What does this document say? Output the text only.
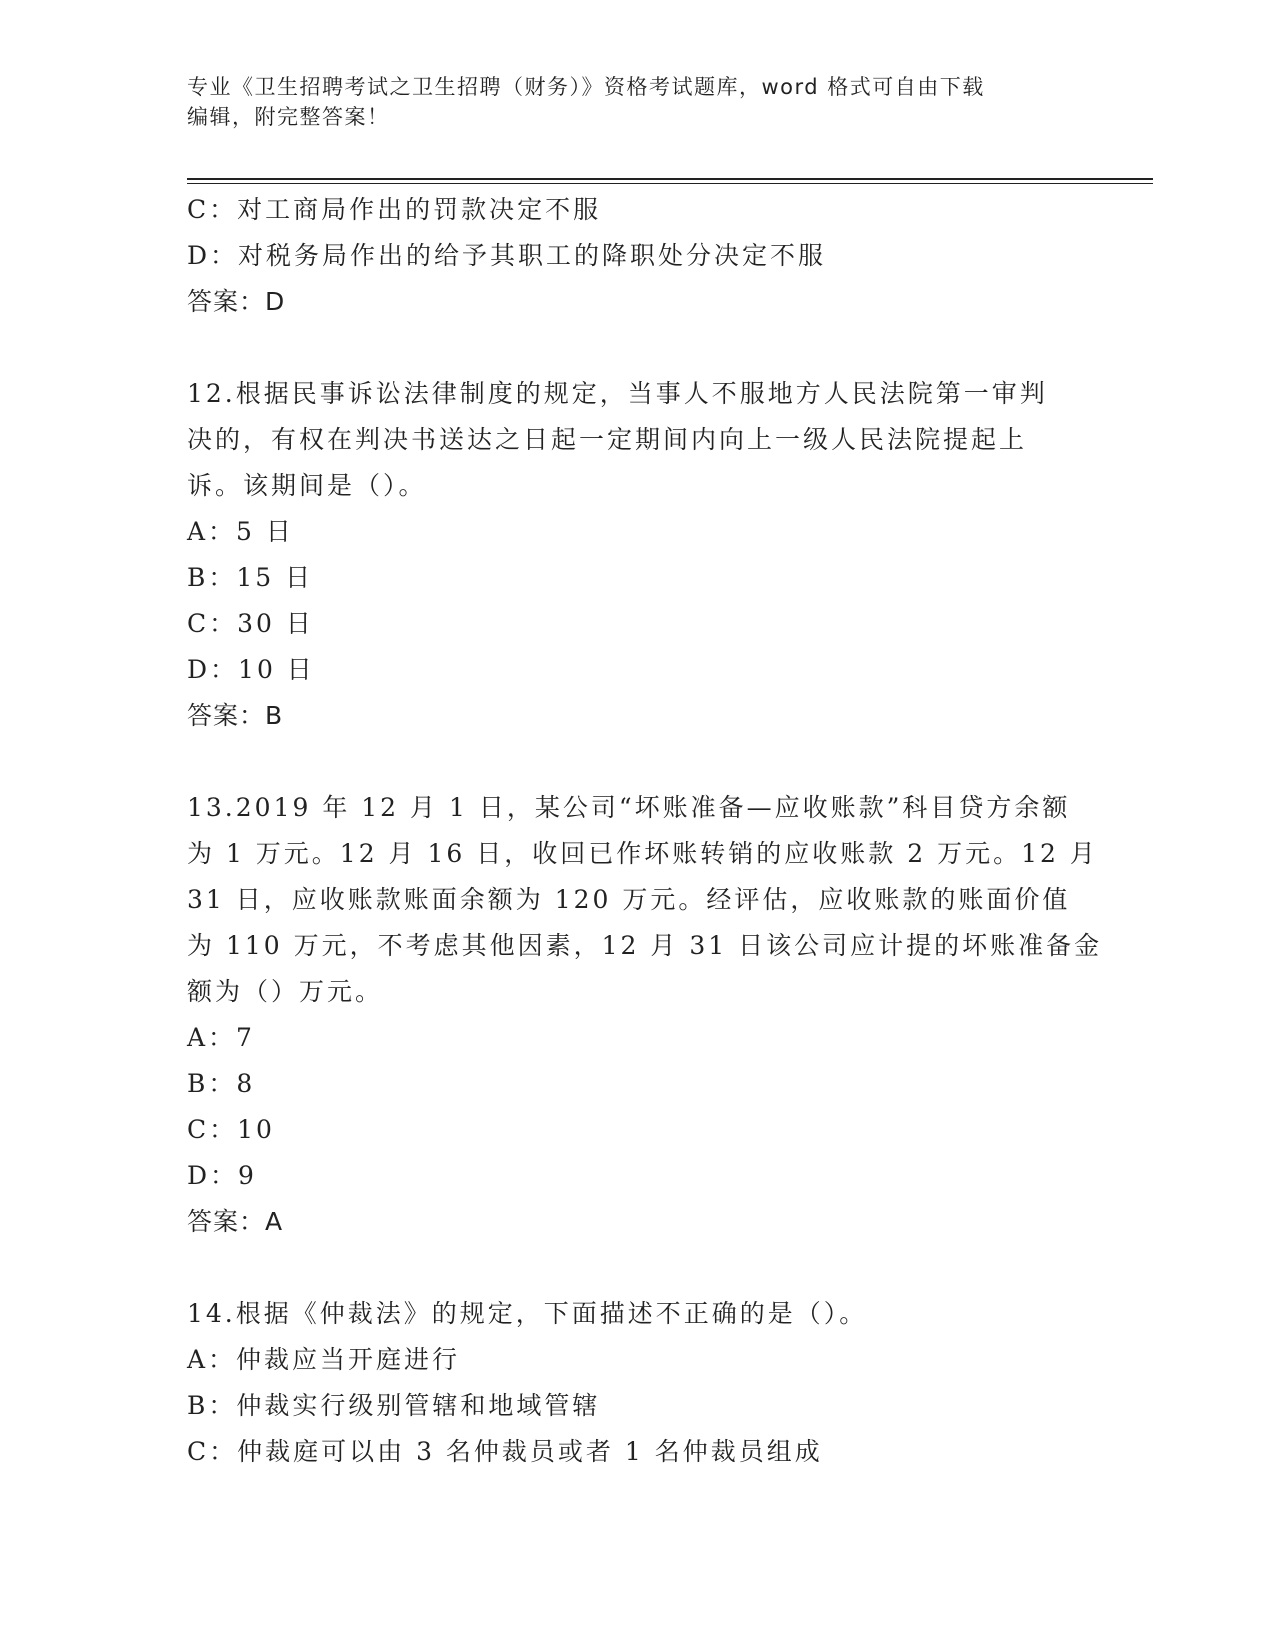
专业《卫生招聘考试之卫生招聘（财务）》资格考试题库，word 格式可自由下载
编辑，附完整答案！
C：对工商局作出的罚款决定不服
D：对税务局作出的给予其职工的降职处分决定不服
答案：D
12.根据民事诉讼法律制度的规定，当事人不服地方人民法院第一审判
决的，有权在判决书送达之日起一定期间内向上一级人民法院提起上
诉。该期间是（）。
A：5 日
B：15 日
C：30 日
D：10 日
答案：B
13.2019 年 12 月 1 日，某公司“坏账准备—应收账款”科目贷方余额
为 1 万元。12 月 16 日，收回已作坏账转销的应收账款 2 万元。12 月
31 日，应收账款账面余额为 120 万元。经评估，应收账款的账面价值
为 110 万元，不考虑其他因素，12 月 31 日该公司应计提的坏账准备金
额为（）万元。
A：7
B：8
C：10
D：9
答案：A
14.根据《仲裁法》的规定，下面描述不正确的是（）。
A：仲裁应当开庭进行
B：仲裁实行级别管辖和地域管辖
C：仲裁庭可以由 3 名仲裁员或者 1 名仲裁员组成
